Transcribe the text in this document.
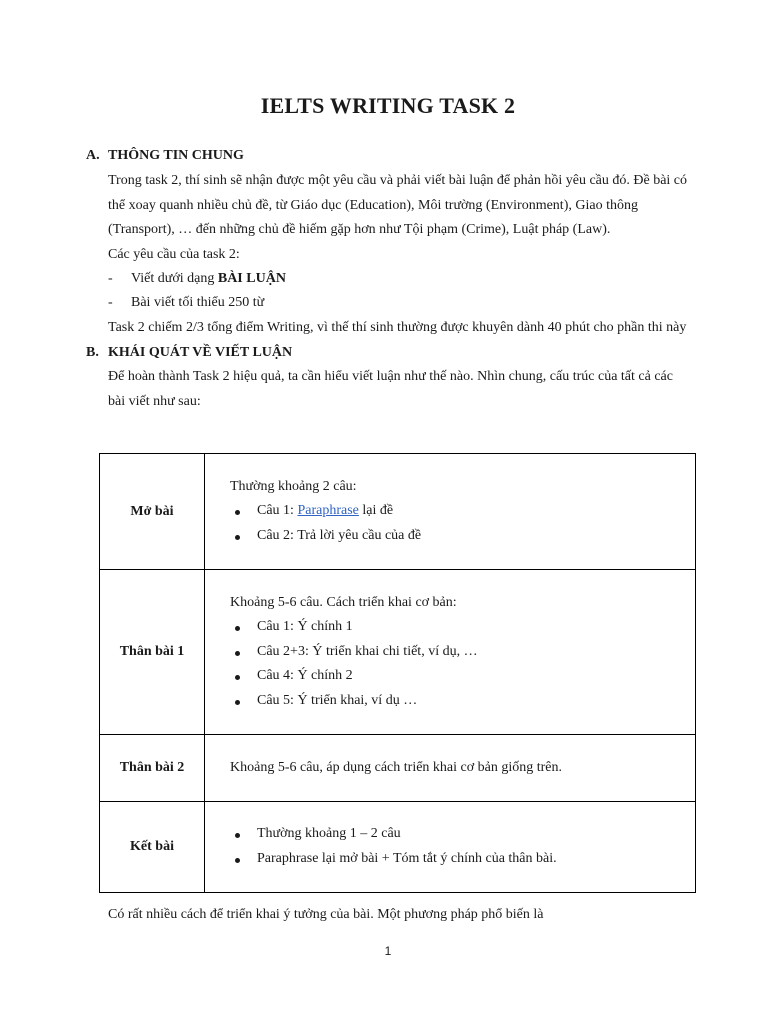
IELTS WRITING TASK 2
A. THÔNG TIN CHUNG
Trong task 2, thí sinh sẽ nhận được một yêu cầu và phải viết bài luận để phản hồi yêu cầu đó. Đề bài có
thể xoay quanh nhiều chủ đề, từ Giáo dục (Education), Môi trường (Environment), Giao thông
(Transport), … đến những chủ đề hiếm gặp hơn như Tội phạm (Crime), Luật pháp (Law).
Các yêu cầu của task 2:
- Viết dưới dạng BÀI LUẬN
- Bài viết tối thiểu 250 từ
Task 2 chiếm 2/3 tổng điểm Writing, vì thế thí sinh thường được khuyên dành 40 phút cho phần thi này
B. KHÁI QUÁT VỀ VIẾT LUẬN
Để hoàn thành Task 2 hiệu quả, ta cần hiểu viết luận như thế nào. Nhìn chung, cấu trúc của tất cả các
bài viết như sau:
Mở bài	Thường khoảng 2 câu:
Câu 1: Paraphrase lại đề
Câu 2: Trả lời yêu cầu của đề

Thân bài 1	Khoảng 5-6 câu. Cách triển khai cơ bản:
Câu 1: Ý chính 1
Câu 2+3: Ý triển khai chi tiết, ví dụ, …
Câu 4: Ý chính 2
Câu 5: Ý triển khai, ví dụ …

Thân bài 2	Khoảng 5-6 câu, áp dụng cách triển khai cơ bản giống trên.

Kết bài	Thường khoảng 1 – 2 câu
Paraphrase lại mở bài + Tóm tắt ý chính của thân bài.
Có rất nhiều cách để triển khai ý tưởng của bài. Một phương pháp phổ biến là
1
